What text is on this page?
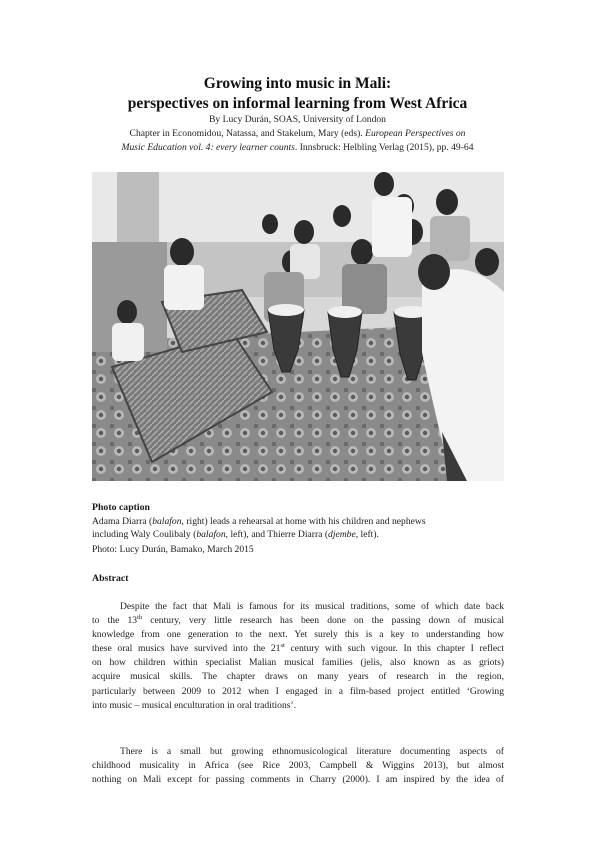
Growing into music in Mali:
perspectives on informal learning from West Africa
By Lucy Durán, SOAS, University of London
Chapter in Economidou, Natassa, and Stakelum, Mary (eds). European Perspectives on
Music Education vol. 4: every learner counts. Innsbruck: Helbling Verlag (2015), pp. 49-64
Photo caption
Adama Diarra (balafon, right) leads a rehearsal at home with his children and nephews
including Waly Coulibaly (balafon, left), and Thierre Diarra (djembe, left).
Photo: Lucy Durán, Bamako, March 2015
Abstract
Despite the fact that Mali is famous for its musical traditions, some of which date back
to the 13th century, very little research has been done on the passing down of musical
knowledge from one generation to the next. Yet surely this is a key to understanding how
these oral musics have survived into the 21st century with such vigour. In this chapter I reflect
on how children within specialist Malian musical families (jelis, also known as as griots)
acquire musical skills. The chapter draws on many years of research in the region,
particularly between 2009 to 2012 when I engaged in a film-based project entitled ‘Growing
into music – musical enculturation in oral traditions’.
There is a small but growing ethnomusicological literature documenting aspects of
childhood musicality in Africa (see Rice 2003, Campbell & Wiggins 2013), but almost
nothing on Mali except for passing comments in Charry (2000). I am inspired by the idea of
